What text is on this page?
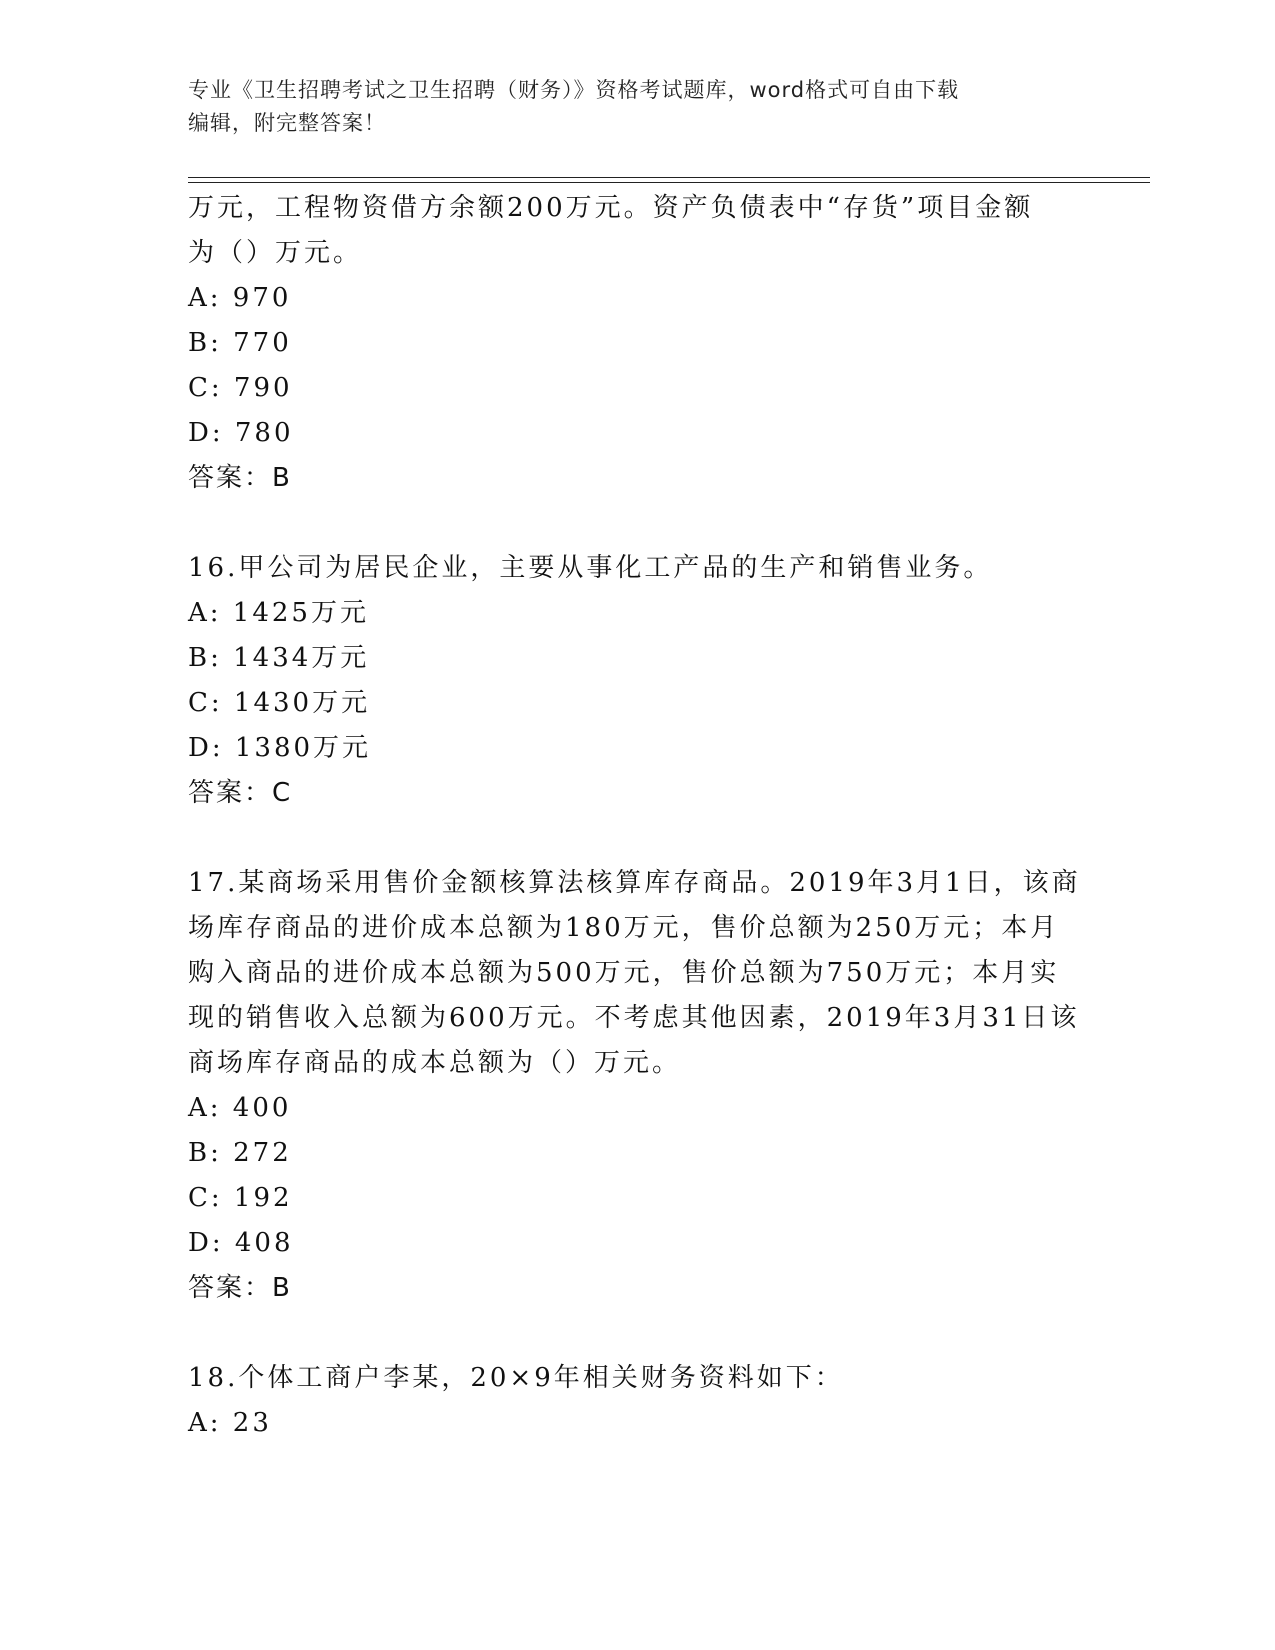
专业《卫生招聘考试之卫生招聘（财务）》资格考试题库，word格式可自由下载
编辑，附完整答案！
万元，工程物资借方余额200万元。资产负债表中“存货”项目金额
为（）万元。
A: 970
B: 770
C: 790
D: 780
答案：B
16.甲公司为居民企业，主要从事化工产品的生产和销售业务。
A: 1425万元
B: 1434万元
C: 1430万元
D: 1380万元
答案：C
17.某商场采用售价金额核算法核算库存商品。2019年3月1日，该商
场库存商品的进价成本总额为180万元，售价总额为250万元；本月
购入商品的进价成本总额为500万元，售价总额为750万元；本月实
现的销售收入总额为600万元。不考虑其他因素，2019年3月31日该
商场库存商品的成本总额为（）万元。
A: 400
B: 272
C: 192
D: 408
答案：B
18.个体工商户李某，20×9年相关财务资料如下：
A: 23
